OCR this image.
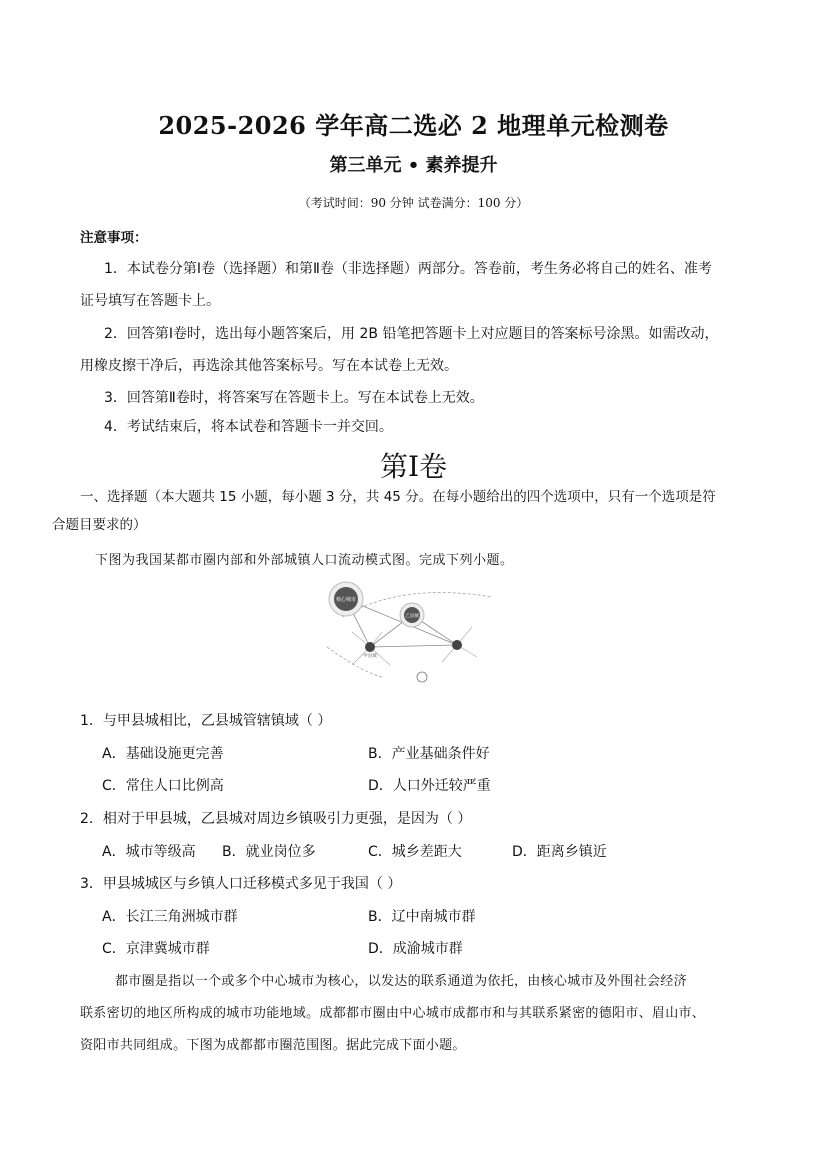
2025-2026 学年高二选必 2 地理单元检测卷
第三单元 • 素养提升
（考试时间：90 分钟 试卷满分：100 分）
注意事项：
1．本试卷分第Ⅰ卷（选择题）和第Ⅱ卷（非选择题）两部分。答卷前，考生务必将自己的姓名、准考
证号填写在答题卡上。
2．回答第Ⅰ卷时，选出每小题答案后，用 2B 铅笔把答题卡上对应题目的答案标号涂黑。如需改动，
用橡皮擦干净后，再选涂其他答案标号。写在本试卷上无效。
3．回答第Ⅱ卷时，将答案写在答题卡上。写在本试卷上无效。
4．考试结束后，将本试卷和答题卡一并交回。
第Ⅰ卷
一、选择题（本大题共 15 小题，每小题 3 分，共 45 分。在每小题给出的四个选项中，只有一个选项是符
合题目要求的）
下图为我国某都市圈内部和外部城镇人口流动模式图。完成下列小题。
核心城市
乙县城
甲县城
1．与甲县城相比，乙县城管辖镇域（ ）
A．基础设施更完善	B．产业基础条件好
C．常住人口比例高	D．人口外迁较严重
2．相对于甲县城，乙县城对周边乡镇吸引力更强，是因为（ ）
A．城市等级高 B．就业岗位多	C．城乡差距大	D．距离乡镇近
3．甲县城城区与乡镇人口迁移模式多见于我国（ ）
A．长江三角洲城市群	B．辽中南城市群
C．京津冀城市群	D．成渝城市群
都市圈是指以一个或多个中心城市为核心，以发达的联系通道为依托，由核心城市及外围社会经济
联系密切的地区所构成的城市功能地域。成都都市圈由中心城市成都市和与其联系紧密的德阳市、眉山市、
资阳市共同组成。下图为成都都市圈范围图。据此完成下面小题。
